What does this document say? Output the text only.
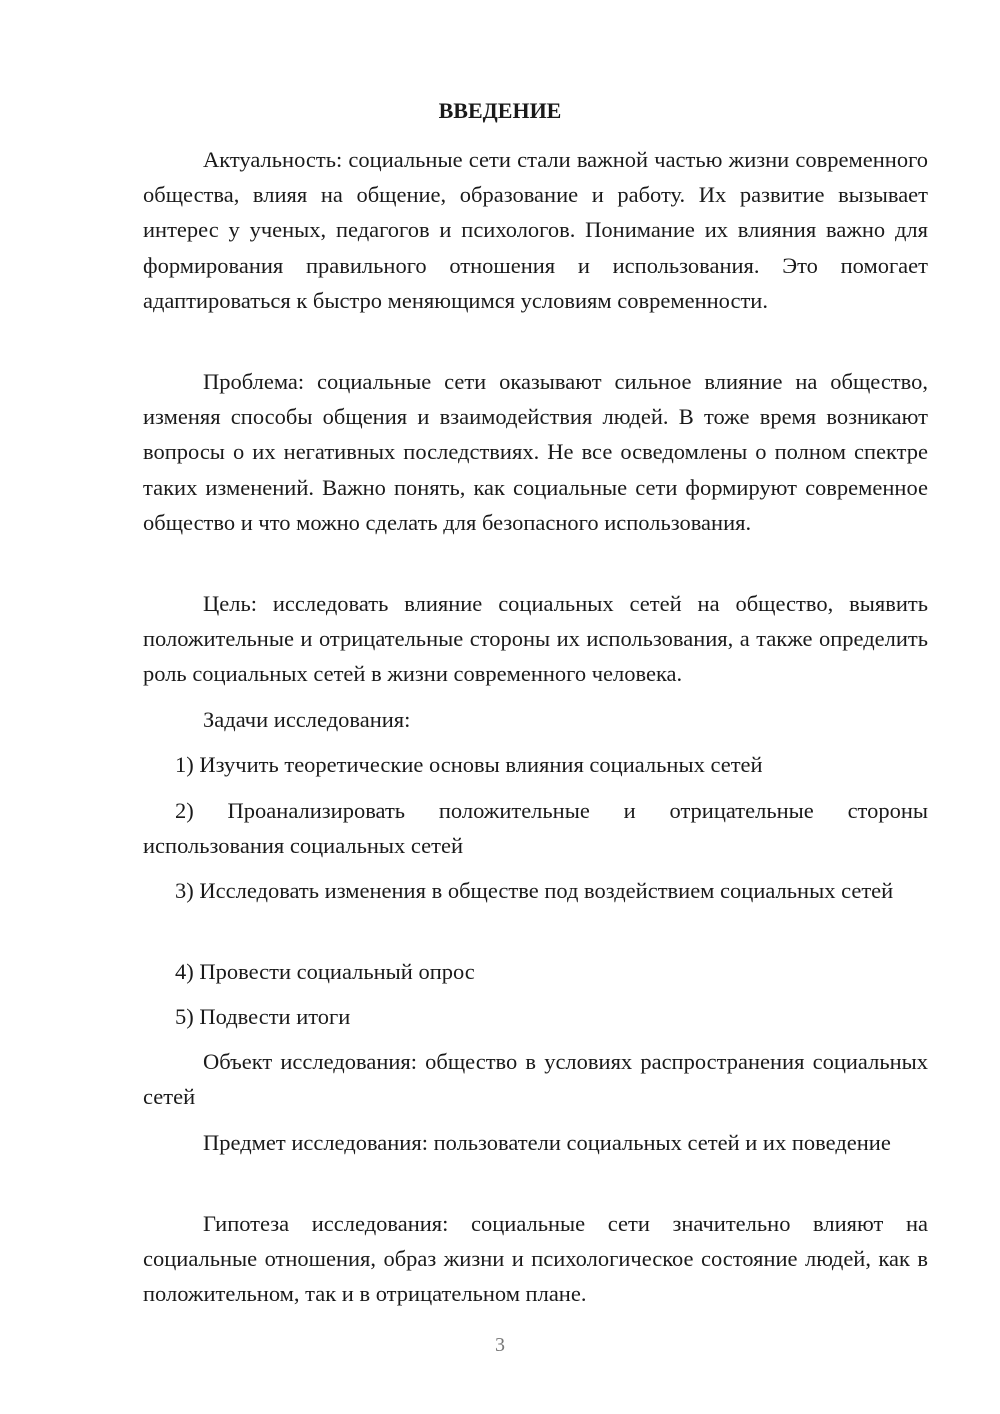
ВВЕДЕНИЕ

Актуальность: социальные сети стали важной частью жизни современного общества, влияя на общение, образование и работу. Их развитие вызывает интерес у ученых, педагогов и психологов. Понимание их влияния важно для формирования правильного отношения и использования. Это помогает адаптироваться к быстро меняющимся условиям современности.

Проблема: социальные сети оказывают сильное влияние на общество, изменяя способы общения и взаимодействия людей. В тоже время возникают вопросы о их негативных последствиях. Не все осведомлены о полном спектре таких изменений. Важно понять, как социальные сети формируют современное общество и что можно сделать для безопасного использования.

Цель: исследовать влияние социальных сетей на общество, выявить положительные и отрицательные стороны их использования, а также определить роль социальных сетей в жизни современного человека.

Задачи исследования:

1) Изучить теоретические основы влияния социальных сетей

2) Проанализировать положительные и отрицательные стороны использования социальных сетей

3) Исследовать изменения в обществе под воздействием социальных сетей

4) Провести социальный опрос

5) Подвести итоги

Объект исследования: общество в условиях распространения социальных сетей

Предмет исследования: пользователи социальных сетей и их поведение

Гипотеза исследования: социальные сети значительно влияют на социальные отношения, образ жизни и психологическое состояние людей, как в положительном, так и в отрицательном плане.

3
